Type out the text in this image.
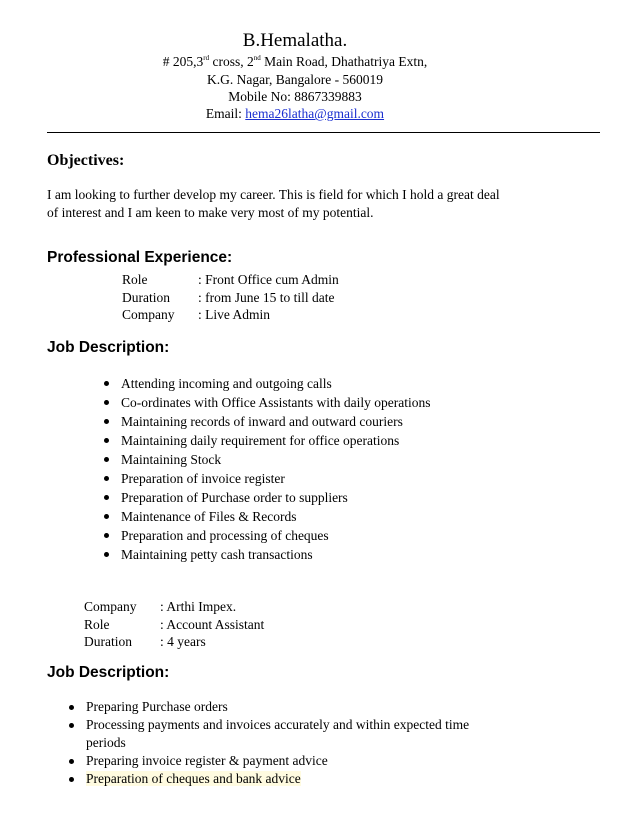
B.Hemalatha.
# 205,3rd cross, 2nd Main Road, Dhathatriya Extn,
K.G. Nagar, Bangalore - 560019
Mobile No: 8867339883
Email: hema26latha@gmail.com
Objectives:
I am looking to further develop my career. This is field for which I hold a great deal
of interest and I am keen to make very most of my potential.
Professional Experience:
Role	: Front Office cum Admin
Duration	: from June 15 to till date
Company	: Live Admin
Job Description:
Attending incoming and outgoing calls
Co-ordinates with Office Assistants with daily operations
Maintaining records of inward and outward couriers
Maintaining daily requirement for office operations
Maintaining Stock
Preparation of invoice register
Preparation of Purchase order to suppliers
Maintenance of Files & Records
Preparation and processing of cheques
Maintaining petty cash transactions
Company	: Arthi Impex.
Role	: Account Assistant
Duration	: 4 years
Job Description:
Preparing Purchase orders
Processing payments and invoices accurately and within expected time
periods
Preparing invoice register & payment advice
Preparation of cheques and bank advice
